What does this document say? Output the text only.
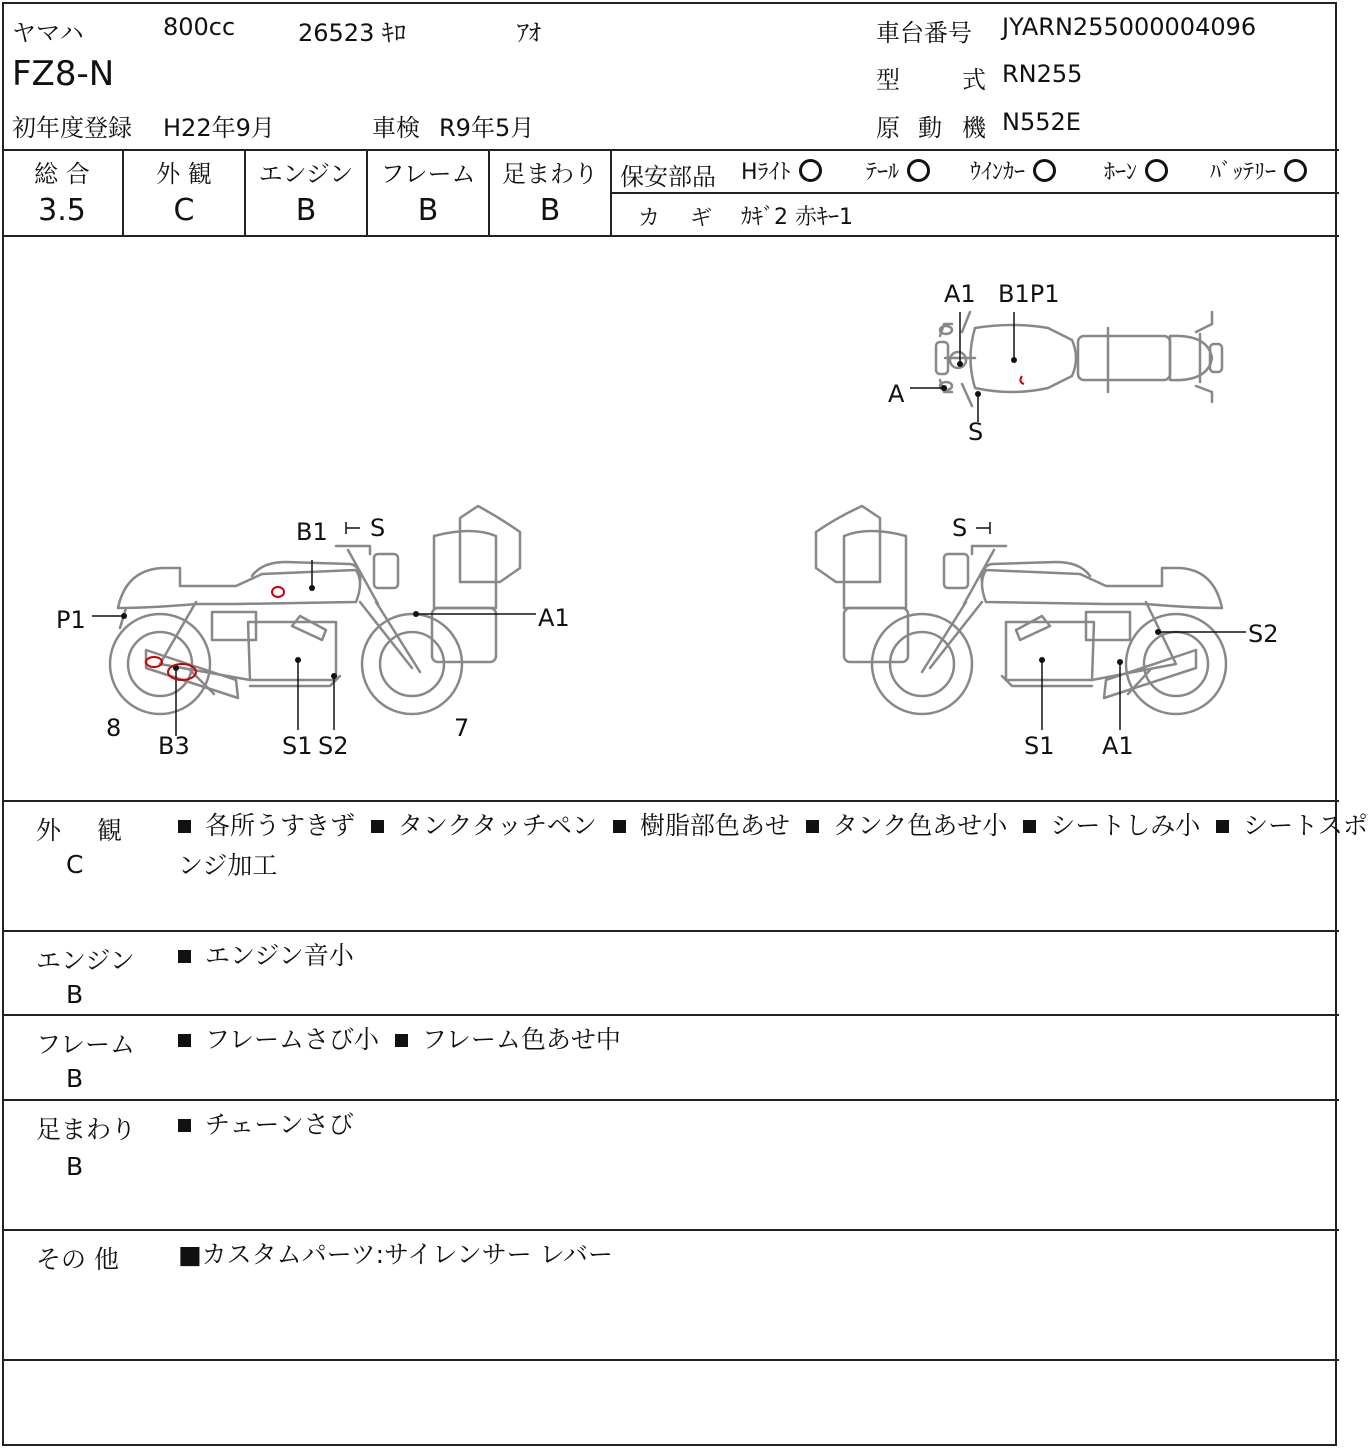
ヤマハ	800cc	26523 ｷﾛ	ｱｵ
FZ8-N
初年度登録 H22年9月	車検 R9年5月
車台番号 JYARN255000004096
型	式 RN255
原 動 機 N552E
総 合
3.5
外 観
C
エンジン
B
フレーム
B
足まわり
B
保安部品 Hﾗｲﾄ	ﾃｰﾙ	ｳｲﾝｶｰ	ﾎｰﾝ	ﾊﾞｯﾃﾘｰ
カ ギ ｶｷﾞ2 赤ｷｰ1
A1 B1P1
A
S
B1 S
P1	A1
8
B3	S1 S2
7
S
S2
S1 A1
外 観
C
各所うすきず タンクタッチペン 樹脂部色あせ タンク色あせ小 シートしみ小 シートスポ
ンジ加工
エンジン
B
エンジン音小
フレーム
B
フレームさび小 フレーム色あせ中
足まわり
B
チェーンさび
その 他 ■カスタムパーツ:サイレンサー レバー
